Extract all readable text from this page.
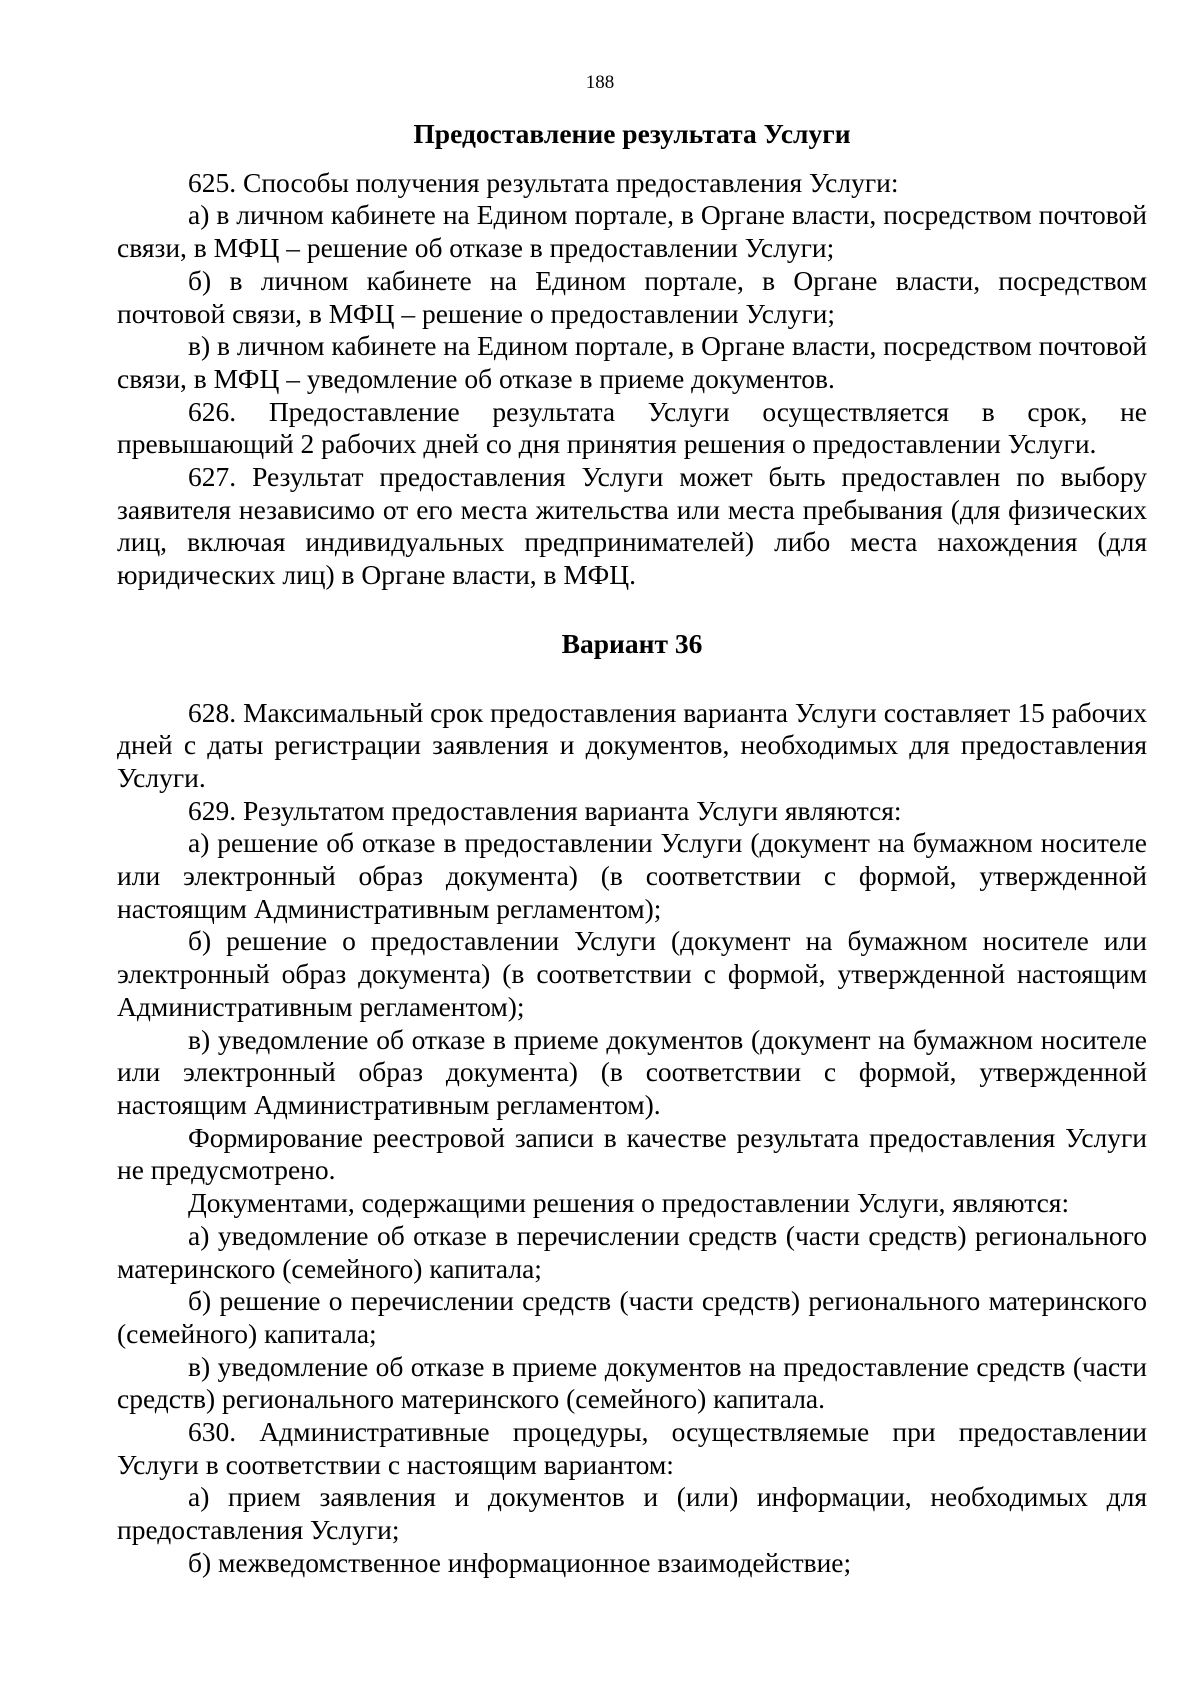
188
Предоставление результата Услуги

625. Способы получения результата предоставления Услуги:

а) в личном кабинете на Едином портале, в Органе власти, посредством почтовой связи, в МФЦ – решение об отказе в предоставлении Услуги;

б) в личном кабинете на Едином портале, в Органе власти, посредством почтовой связи, в МФЦ – решение о предоставлении Услуги;

в) в личном кабинете на Едином портале, в Органе власти, посредством почтовой связи, в МФЦ – уведомление об отказе в приеме документов.

626. Предоставление результата Услуги осуществляется в срок, не превышающий 2 рабочих дней со дня принятия решения о предоставлении Услуги.

627. Результат предоставления Услуги может быть предоставлен по выбору заявителя независимо от его места жительства или места пребывания (для физических лиц, включая индивидуальных предпринимателей) либо места нахождения (для юридических лиц) в Органе власти, в МФЦ.

Вариант 36

628. Максимальный срок предоставления варианта Услуги составляет 15 рабочих дней с даты регистрации заявления и документов, необходимых для предоставления Услуги.

629. Результатом предоставления варианта Услуги являются:

а) решение об отказе в предоставлении Услуги (документ на бумажном носителе или электронный образ документа) (в соответствии с формой, утвержденной настоящим Административным регламентом);

б) решение о предоставлении Услуги (документ на бумажном носителе или электронный образ документа) (в соответствии с формой, утвержденной настоящим Административным регламентом);

в) уведомление об отказе в приеме документов (документ на бумажном носителе или электронный образ документа) (в соответствии с формой, утвержденной настоящим Административным регламентом).

Формирование реестровой записи в качестве результата предоставления Услуги не предусмотрено.

Документами, содержащими решения о предоставлении Услуги, являются:

а) уведомление об отказе в перечислении средств (части средств) регионального материнского (семейного) капитала;

б) решение о перечислении средств (части средств) регионального материнского (семейного) капитала;

в) уведомление об отказе в приеме документов на предоставление средств (части средств) регионального материнского (семейного) капитала.

630. Административные процедуры, осуществляемые при предоставлении Услуги в соответствии с настоящим вариантом:

а) прием заявления и документов и (или) информации, необходимых для предоставления Услуги;

б) межведомственное информационное взаимодействие;
